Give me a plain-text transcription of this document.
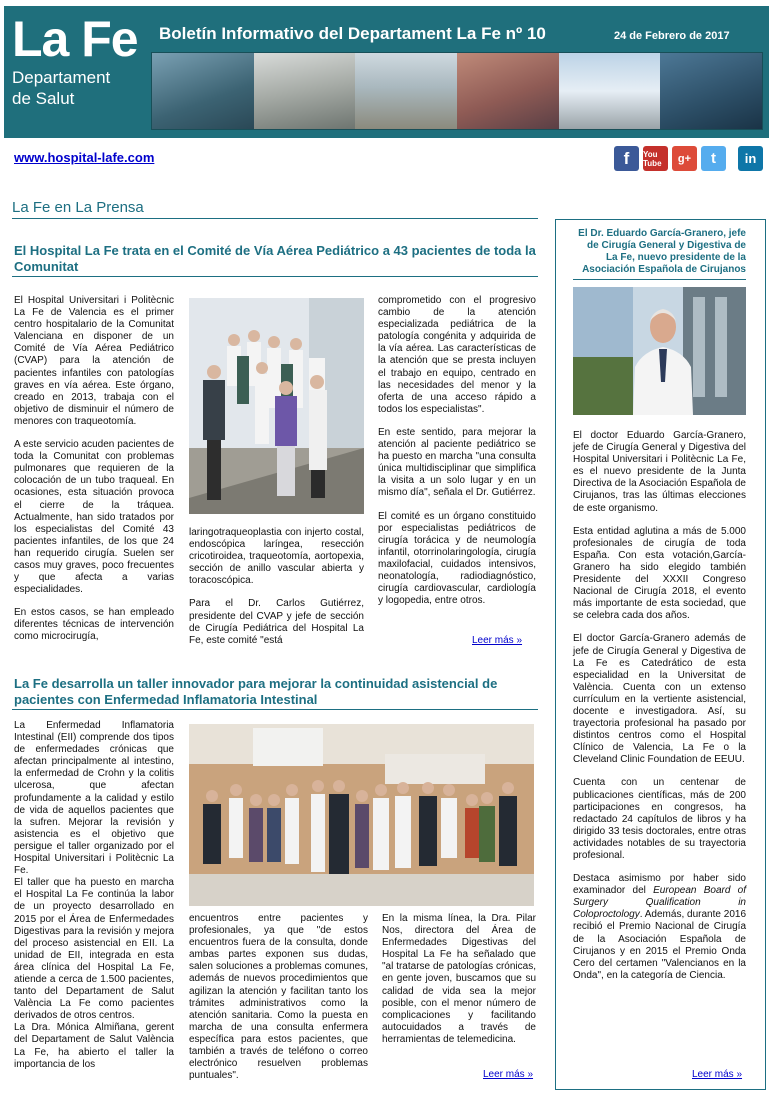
La Fe
Departament
de Salut
Boletín Informativo del Departament La Fe nº 10	24 de Febrero de 2017
www.hospital-lafe.com	f	You Tube	g+	t	in
La Fe en La Prensa
El Hospital La Fe trata en el Comité de Vía Aérea Pediátrico a 43 pacientes de toda la Comunitat

El Hospital Universitari i Politècnic La Fe de Valencia es el primer centro hospitalario de la Comunitat Valenciana en disponer de un Comité de Vía Aérea Pediátrico (CVAP) para la atención de pacientes infantiles con patologías graves en vía aérea. Este órgano, creado en 2013, trabaja con el objetivo de disminuir el número de menores con traqueotomía.

A este servicio acuden pacientes de toda la Comunitat con problemas pulmonares que requieren de la colocación de un tubo traqueal. En ocasiones, esta situación provoca el cierre de la tráquea. Actualmente, han sido tratados por los especialistas del Comité 43 pacientes infantiles, de los que 24 han requerido cirugía. Suelen ser casos muy graves, poco frecuentes y que afecta a varias especialidades.

En estos casos, se han empleado diferentes técnicas de intervención como microcirugía,

laringotraqueoplastia con injerto costal, endoscópica laríngea, resección cricotiroidea, traqueotomía, aortopexia, sección de anillo vascular abierta y toracoscópica.

Para el Dr. Carlos Gutiérrez, presidente del CVAP y jefe de sección de Cirugía Pediátrica del Hospital La Fe, este comité "está

comprometido con el progresivo cambio de la atención especializada pediátrica de la patología congénita y adquirida de la vía aérea. Las características de la atención que se presta incluyen el trabajo en equipo, centrado en las necesidades del menor y la oferta de una acceso rápido a todos los especialistas".

En este sentido, para mejorar la atención al paciente pediátrico se ha puesto en marcha "una consulta única multidisciplinar que simplifica la visita a un solo lugar y en un mismo día", señala el Dr. Gutiérrez.

El comité es un órgano constituido por especialistas pediátricos de cirugía torácica y de neumología infantil, otorrinolaringología, cirugía maxilofacial, cuidados intensivos, neonatología, radiodiagnóstico, cirugía cardiovascular, cardiología y logopedia, entre otros.

Leer más »
La Fe desarrolla un taller innovador para mejorar la continuidad asistencial de pacientes con Enfermedad Inflamatoria Intestinal

La Enfermedad Inflamatoria Intestinal (EII) comprende dos tipos de enfermedades crónicas que afectan principalmente al intestino, la enfermedad de Crohn y la colitis ulcerosa, que afectan profundamente a la calidad y estilo de vida de aquellos pacientes que la sufren. Mejorar la revisión y asistencia es el objetivo que persigue el taller organizado por el Hospital Universitari i Politècnic La Fe.

El taller que ha puesto en marcha el Hospital La Fe continúa la labor de un proyecto desarrollado en 2015 por el Área de Enfermedades Digestivas para la revisión y mejora del proceso asistencial en EII. La unidad de EII, integrada en esta área clínica del Hospital La Fe, atiende a cerca de 1.500 pacientes, tanto del Departament de Salut València La Fe como pacientes derivados de otros centros.

La Dra. Mónica Almiñana, gerent del Departament de Salut València La Fe, ha abierto el taller la importancia de los

encuentros entre pacientes y profesionales, ya que "de estos encuentros fuera de la consulta, donde ambas partes exponen sus dudas, salen soluciones a problemas comunes, además de nuevos procedimientos que agilizan la atención y facilitan tanto los trámites administrativos como la atención sanitaria. Como la puesta en marcha de una consulta enfermera específica para estos pacientes, que también a través de teléfono o correo electrónico resuelven problemas puntuales".
En la misma línea, la Dra. Pilar Nos, directora del Área de Enfermedades Digestivas del Hospital La Fe ha señalado que "al tratarse de patologías crónicas, en gente joven, buscamos que su calidad de vida sea la mejor posible, con el menor número de complicaciones y facilitando autocuidados a través de herramientas de telemedicina.
Leer más »
El Dr. Eduardo García-Granero, jefe de Cirugía General y Digestiva de La Fe, nuevo presidente de la Asociación Española de Cirujanos

El doctor Eduardo García-Granero, jefe de Cirugía General y Digestiva del Hospital Universitari i Politècnic La Fe, es el nuevo presidente de la Junta Directiva de la Asociación Española de Cirujanos, tras las últimas elecciones de este organismo.

Esta entidad aglutina a más de 5.000 profesionales de cirugía de toda España. Con esta votación,García-Granero ha sido elegido también Presidente del XXXII Congreso Nacional de Cirugía 2018, el evento más importante de esta sociedad, que se celebra cada dos años.

El doctor García-Granero además de jefe de Cirugía General y Digestiva de La Fe es Catedrático de esta especialidad en la Universitat de València. Cuenta con un extenso currículum en la vertiente asistencial, docente e investigadora. Así, su trayectoria profesional ha pasado por distintos centros como el Hospital Clínico de Valencia, La Fe o la Cleveland Clinic Foundation de EEUU.

Cuenta con un centenar de publicaciones científicas, más de 200 participaciones en congresos, ha redactado 24 capítulos de libros y ha dirigido 33 tesis doctorales, entre otras actividades notables de su trayectoria profesional.

Destaca asimismo por haber sido examinador del European Board of Surgery Qualification in Coloproctology. Además, durante 2016 recibió el Premio Nacional de Cirugía de la Asociación Española de Cirujanos y en 2015 el Premio Onda Cero del certamen "Valencianos en la Onda", en la categoría de Ciencia.

Leer más »
